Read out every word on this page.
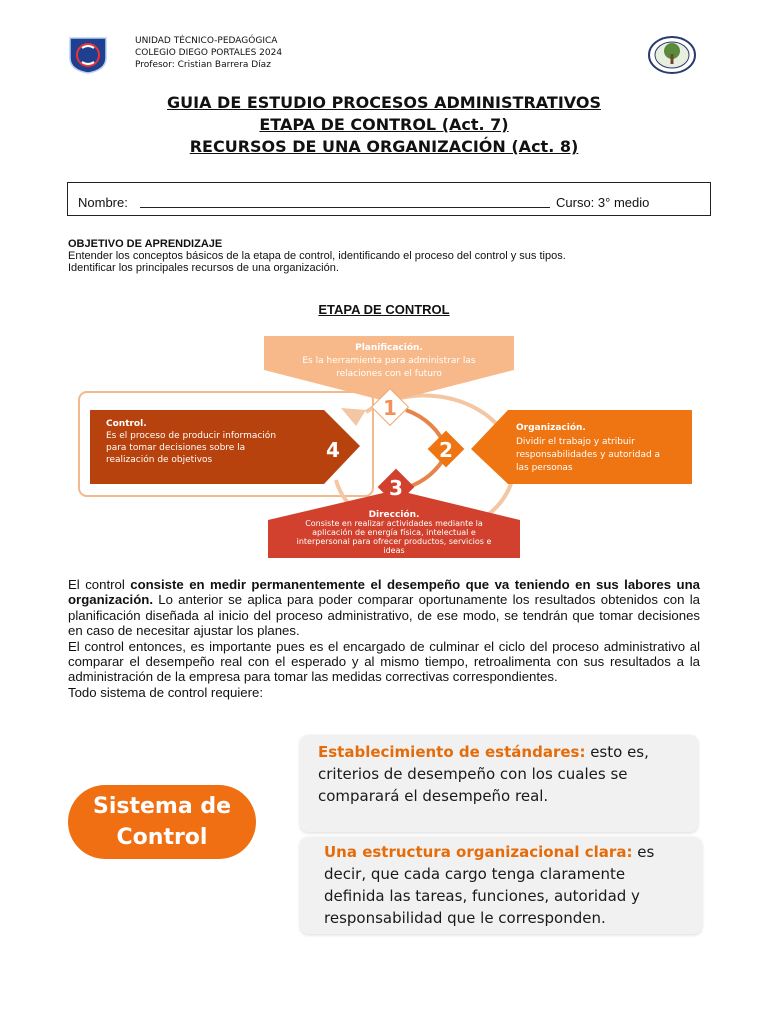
UNIDAD TÉCNICO-PEDAGÓGICA
COLEGIO DIEGO PORTALES 2024
Profesor: Cristian Barrera Díaz
GUIA DE ESTUDIO PROCESOS ADMINISTRATIVOS
ETAPA DE CONTROL (Act. 7)
RECURSOS DE UNA ORGANIZACIÓN (Act. 8)
Nombre:	Curso: 3° medio
OBJETIVO DE APRENDIZAJE
Entender los conceptos básicos de la etapa de control, identificando el proceso del control y sus tipos.
Identificar los principales recursos de una organización.
ETAPA DE CONTROL
Planificación.
Es la herramienta para administrar las
relaciones con el futuro
Organización.
Dividir el trabajo y atribuir
responsabilidades y autoridad a
las personas
Dirección.
Consiste en realizar actividades mediante la
aplicación de energía física, intelectual e
interpersonal para ofrecer productos, servicios e
ideas
Control.
Es el proceso de producir información
para tomar decisiones sobre la
realización de objetivos
1
2
3
4

El control consiste en medir permanentemente el desempeño que va teniendo en sus labores una organización. Lo anterior se aplica para poder comparar oportunamente los resultados obtenidos con la planificación diseñada al inicio del proceso administrativo, de ese modo, se tendrán que tomar decisiones en caso de necesitar ajustar los planes.

El control entonces, es importante pues es el encargado de culminar el ciclo del proceso administrativo al comparar el desempeño real con el esperado y al mismo tiempo, retroalimenta con sus resultados a la administración de la empresa para tomar las medidas correctivas correspondientes.

Todo sistema de control requiere:

Sistema de
Control
Establecimiento de estándares: esto es, criterios de desempeño con los cuales se comparará el desempeño real.
Una estructura organizacional clara: es decir, que cada cargo tenga claramente definida las tareas, funciones, autoridad y responsabilidad que le corresponden.
